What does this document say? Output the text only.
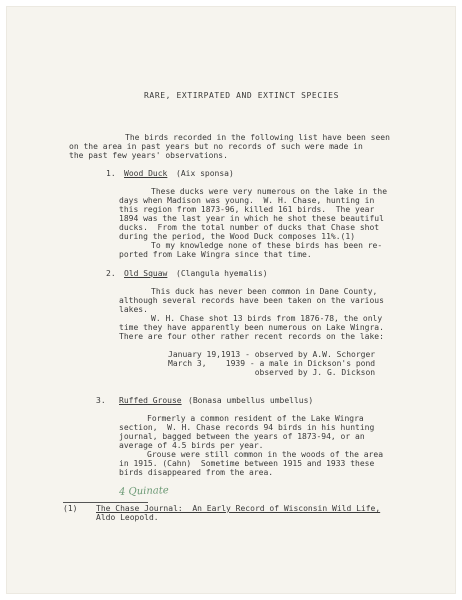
RARE, EXTIRPATED AND EXTINCT SPECIES
The birds recorded in the following list have been seen
on the area in past years but no records of such were made in
the past few years' observations.
1. Wood Duck (Aix sponsa)
These ducks were very numerous on the lake in the
days when Madison was young.  W. H. Chase, hunting in
this region from 1873-96, killed 161 birds.  The year
1894 was the last year in which he shot these beautiful
ducks.  From the total number of ducks that Chase shot
during the period, the Wood Duck composes 11%.(1)
To my knowledge none of these birds has been re-
ported from Lake Wingra since that time.
2. Old Squaw (Clangula hyemalis)
This duck has never been common in Dane County,
although several records have been taken on the various
lakes.
W. H. Chase shot 13 birds from 1876-78, the only
time they have apparently been numerous on Lake Wingra.
There are four other rather recent records on the lake:
January 19,1913 - observed by A.W. Schorger
March 3,    1939 - a male in Dickson's pond
observed by J. G. Dickson
3. Ruffed Grouse (Bonasa umbellus umbellus)
Formerly a common resident of the Lake Wingra
section,  W. H. Chase records 94 birds in his hunting
journal, bagged between the years of 1873-94, or an
average of 4.5 birds per year.
Grouse were still common in the woods of the area
in 1915. (Cahn)  Sometime between 1915 and 1933 these
birds disappeared from the area.
4 Quinate
(1) The Chase Journal:  An Early Record of Wisconsin Wild Life,
Aldo Leopold.
